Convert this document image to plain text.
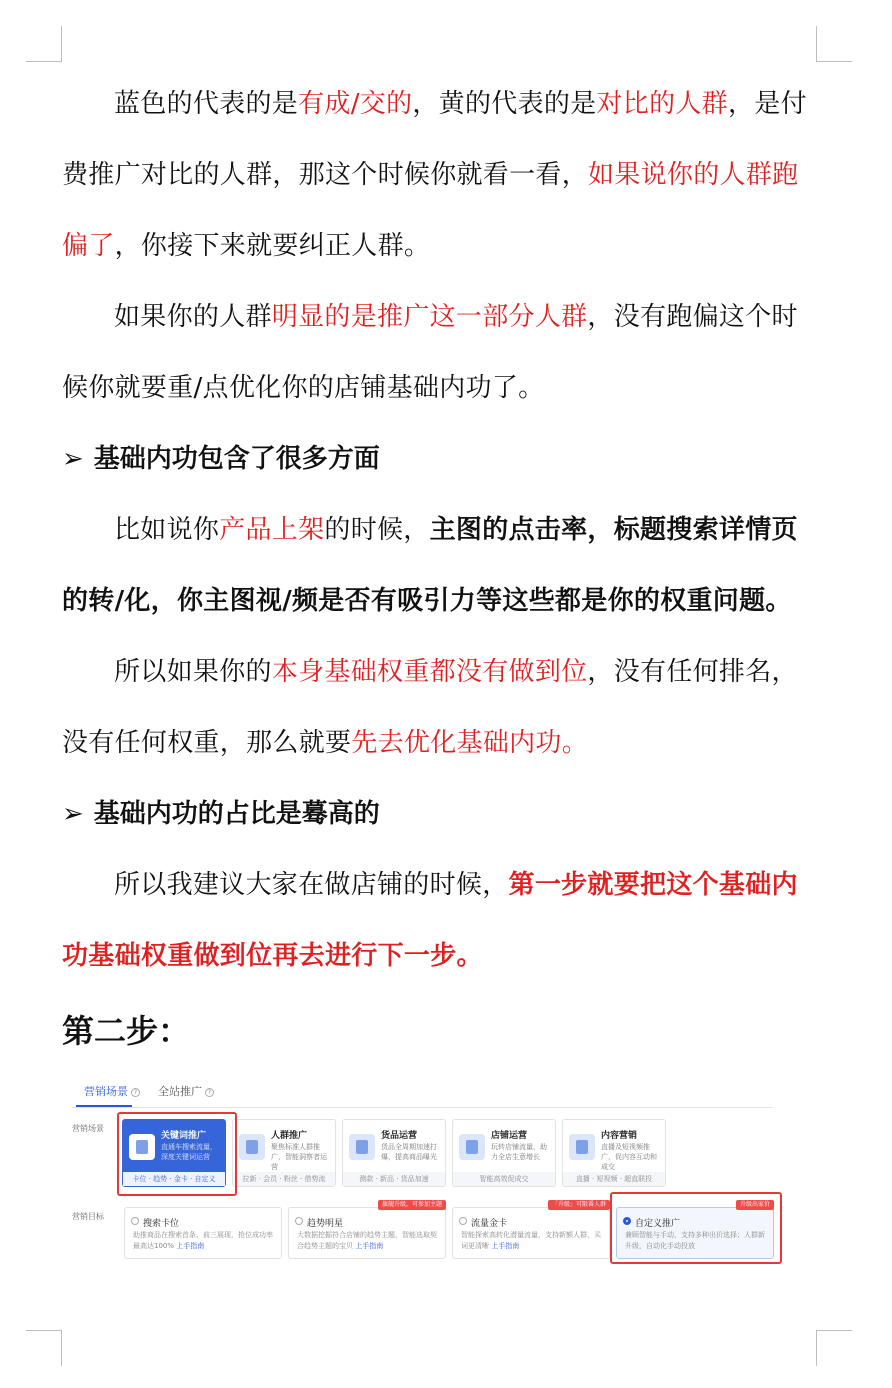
蓝色的代表的是有成/交的，黄的代表的是对比的人群，是付费推广对比的人群，那这个时候你就看一看，如果说你的人群跑偏了，你接下来就要纠正人群。

如果你的人群明显的是推广这一部分人群，没有跑偏这个时候你就要重/点优化你的店铺基础内功了。

➢ 基础内功包含了很多方面

比如说你产品上架的时候，主图的点击率，标题搜索详情页的转/化，你主图视/频是否有吸引力等这些都是你的权重问题。

所以如果你的本身基础权重都没有做到位，没有任何排名，没有任何权重，那么就要先去优化基础内功。

➢ 基础内功的占比是蓦高的

所以我建议大家在做店铺的时候，第一步就要把这个基础内功基础权重做到位再去进行下一步。

第二步：
营销场景 ? 全站推广 ?
营销场景
营销目标
关键词推广
直通车搜索流量，深度关键词运营
卡位 · 趋势 · 金卡 · 自定义
人群推广
聚焦标准人群推广，智能洞察者运营
拉新 · 会员 · 粉丝 · 借势流
货品运营
货品全周期加速打爆，提高商品曝光
测款 · 新品 · 货品加速
店铺运营
玩转店铺流量，助力全店生意增长
智能高效促成交
内容营销
直播及短视频推广，促内容互动和成交
直播 · 短视频 · 超直联投
搜索卡位
助推商品在搜索首条、前三展现，抢位成功率最高达100% 上手指南
旗舰升级，可参加主题
趋势明星
大数据挖掘符合店铺的趋势主题，智能选取契合趋势主题的宝贝 上手指南
「升级」可限番人群
流量金卡
智能探索高转化潜量流量，支持新额人群，买词更清晰 上手指南
升级出家价
自定义推广
兼顾智能与手动，支持多种出价选择；人群新升级，自动化手动投放
